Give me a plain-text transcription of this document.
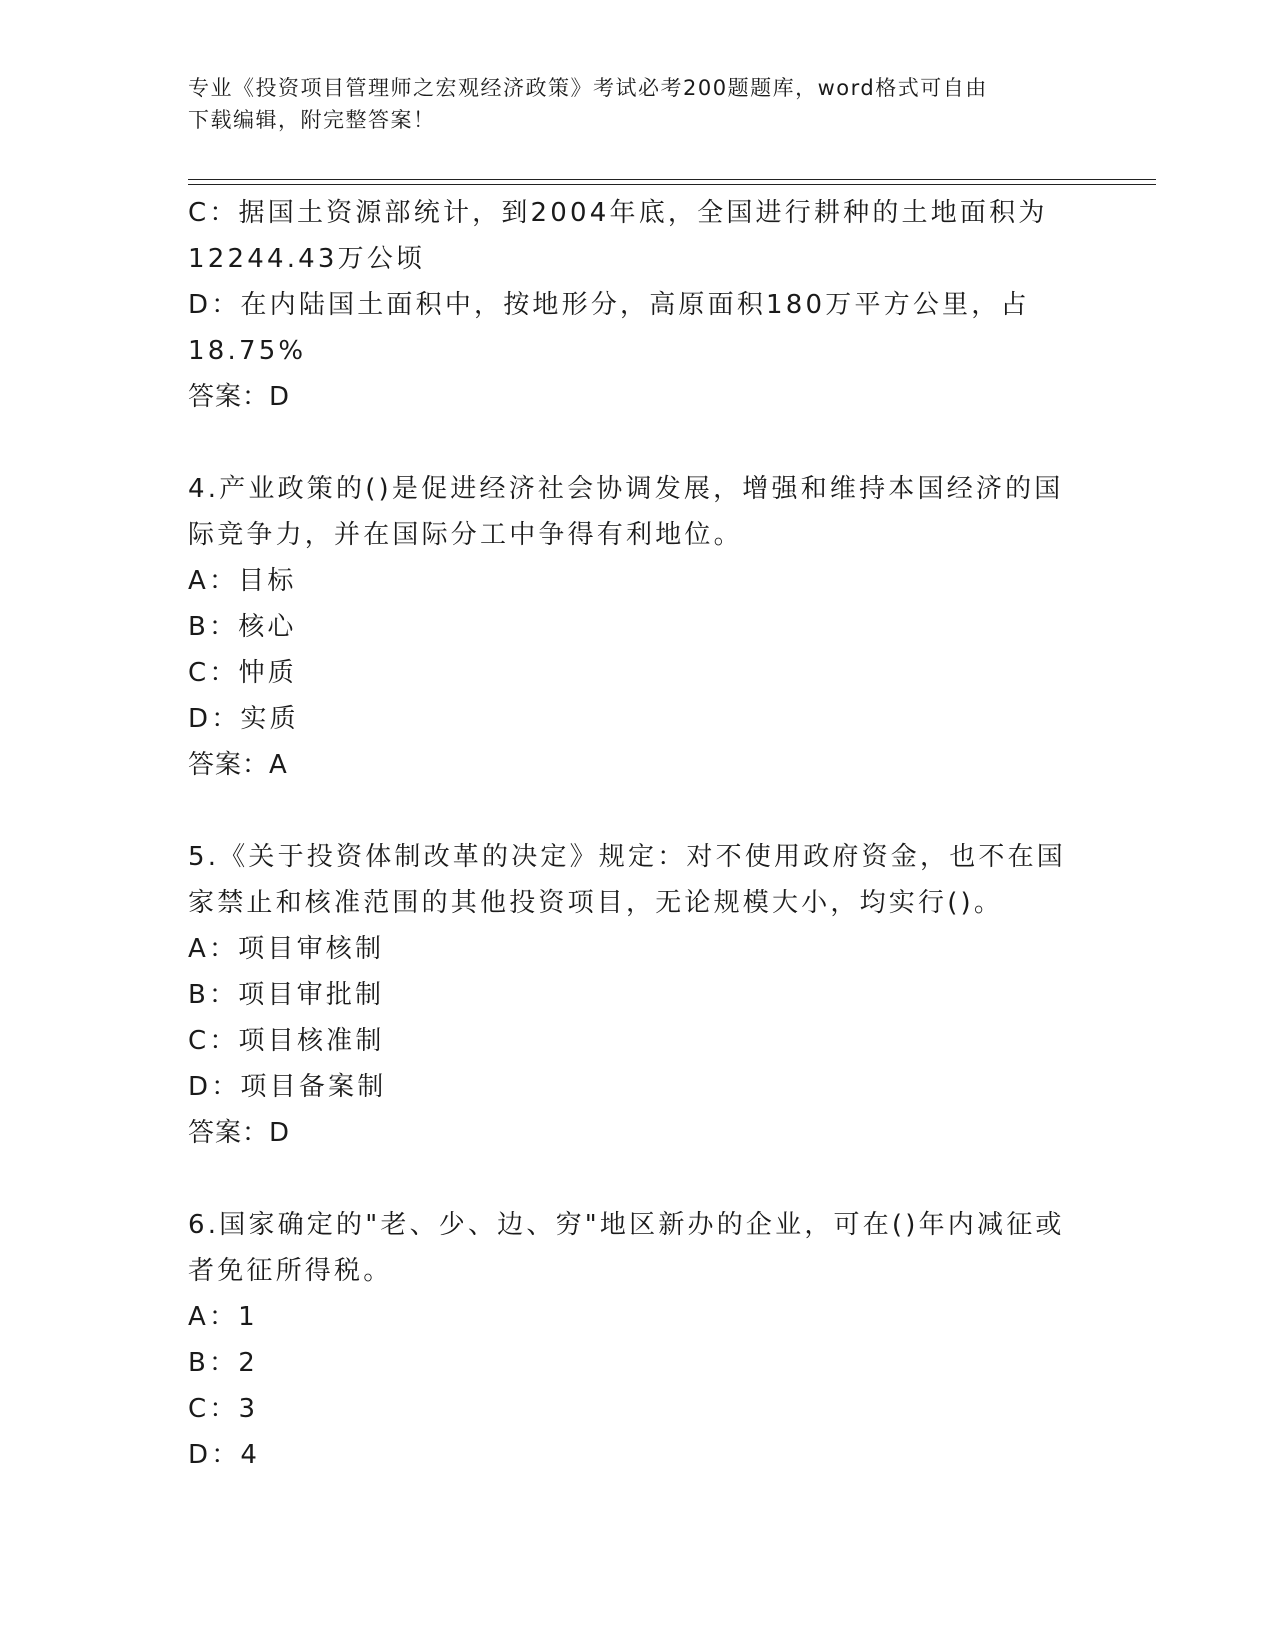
专业《投资项目管理师之宏观经济政策》考试必考200题题库，word格式可自由
下载编辑，附完整答案！
C：据国土资源部统计，到2004年底，全国进行耕种的土地面积为
12244.43万公顷
D：在内陆国土面积中，按地形分，高原面积180万平方公里，占
18.75%
答案：D
4.产业政策的()是促进经济社会协调发展，增强和维持本国经济的国
际竞争力，并在国际分工中争得有利地位。
A：目标
B：核心
C：忡质
D：实质
答案：A
5.《关于投资体制改革的决定》规定：对不使用政府资金，也不在国
家禁止和核准范围的其他投资项目，无论规模大小，均实行()。
A：项目审核制
B：项目审批制
C：项目核准制
D：项目备案制
答案：D
6.国家确定的"老、少、边、穷"地区新办的企业，可在()年内减征或
者免征所得税。
A：1
B：2
C：3
D：4
